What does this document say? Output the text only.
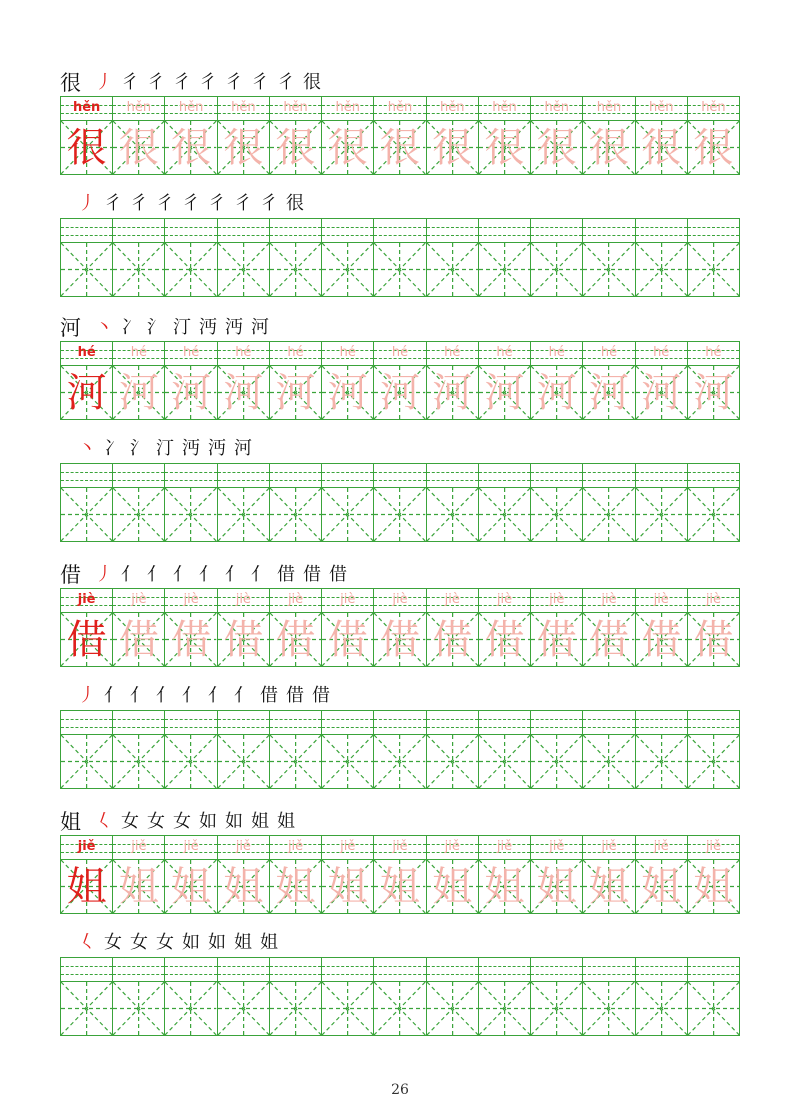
很 丿 彳 彳 彳 彳 彳 彳 彳 很
hěn
很
hěn
很
hěn
很
hěn
很
hěn
很
hěn
很
hěn
很
hěn
很
hěn
很
hěn
很
hěn
很
hěn
很
hěn
很
丿 彳 彳 彳 彳 彳 彳 彳 很
河 丶 冫 氵 汀 沔 沔 河
hé
河
hé
河
hé
河
hé
河
hé
河
hé
河
hé
河
hé
河
hé
河
hé
河
hé
河
hé
河
hé
河
丶 冫 氵 汀 沔 沔 河
借 丿 亻 亻 亻 亻 亻 亻 借 借 借
jiè
借
jiè
借
jiè
借
jiè
借
jiè
借
jiè
借
jiè
借
jiè
借
jiè
借
jiè
借
jiè
借
jiè
借
jiè
借
丿 亻 亻 亻 亻 亻 亻 借 借 借
姐 𡿨 女 女 女 如 如 姐 姐
jiě
姐
jiě
姐
jiě
姐
jiě
姐
jiě
姐
jiě
姐
jiě
姐
jiě
姐
jiě
姐
jiě
姐
jiě
姐
jiě
姐
jiě
姐
𡿨 女 女 女 如 如 姐 姐
26
